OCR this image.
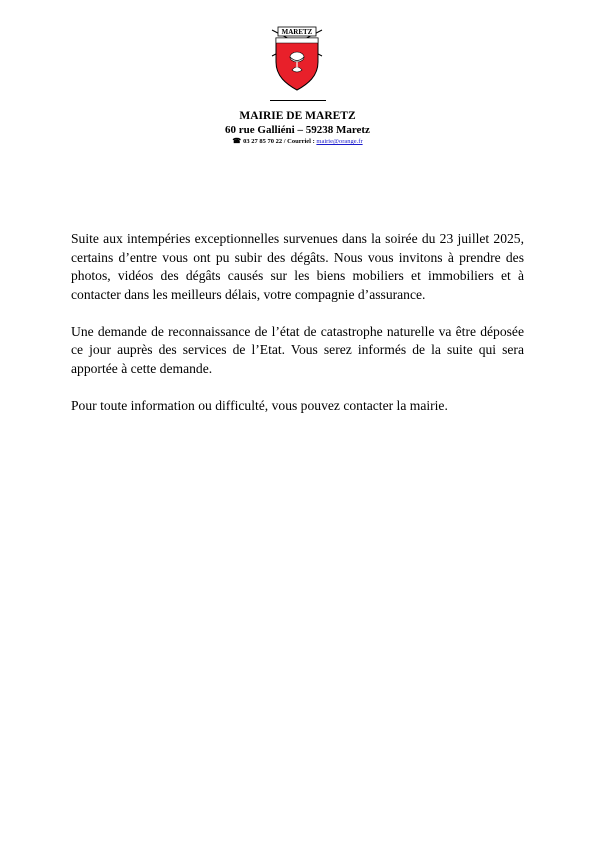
MARETZ
MAIRIE DE MARETZ
60 rue Galliéni – 59238 Maretz
☎ 03 27 85 70 22 / Courriel : mairie@orange.fr

Suite aux intempéries exceptionnelles survenues dans la soirée du 23 juillet 2025, certains d’entre vous ont pu subir des dégâts. Nous vous invitons à prendre des photos, vidéos des dégâts causés sur les biens mobiliers et immobiliers et à contacter dans les meilleurs délais, votre compagnie d’assurance.

Une demande de reconnaissance de l’état de catastrophe naturelle va être déposée ce jour auprès des services de l’Etat. Vous serez informés de la suite qui sera apportée à cette demande.

Pour toute information ou difficulté, vous pouvez contacter la mairie.
